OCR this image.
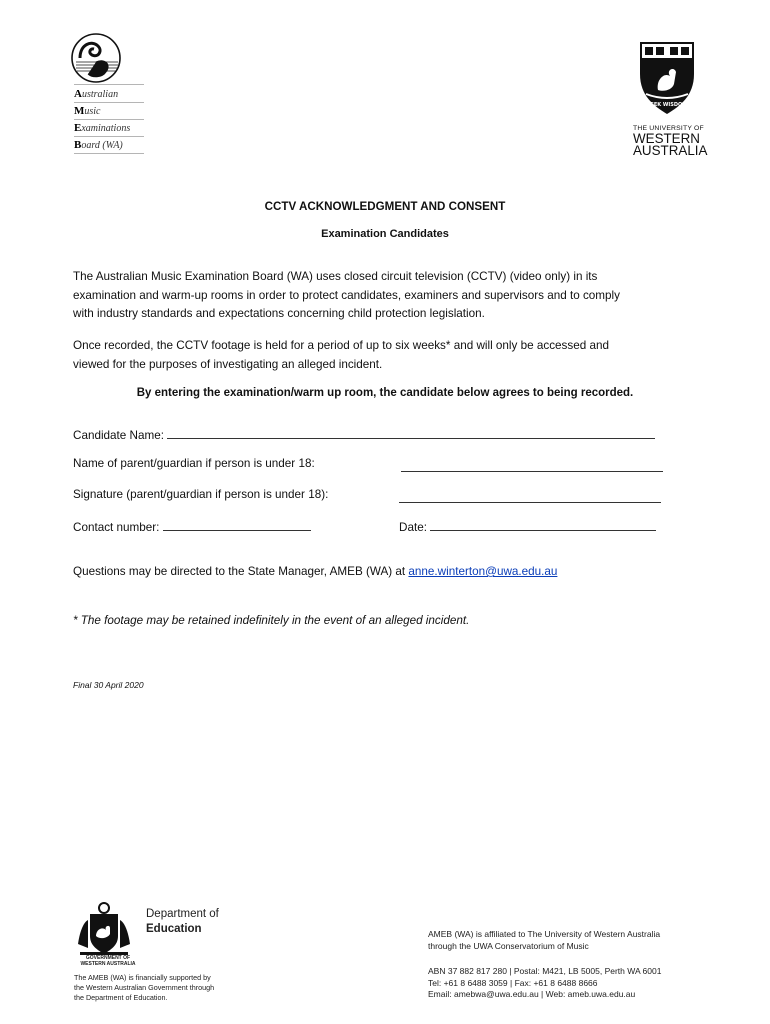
Australian
Music
Examinations
Board (WA)
SEEK WISDOM
THE UNIVERSITY OF
WESTERN
AUSTRALIA
CCTV ACKNOWLEDGMENT AND CONSENT
Examination Candidates
The Australian Music Examination Board (WA) uses closed circuit television (CCTV) (video only) in its
examination and warm-up rooms in order to protect candidates, examiners and supervisors and to comply
with industry standards and expectations concerning child protection legislation.
Once recorded, the CCTV footage is held for a period of up to six weeks* and will only be accessed and
viewed for the purposes of investigating an alleged incident.
By entering the examination/warm up room, the candidate below agrees to being recorded.
Candidate Name:
Name of parent/guardian if person is under 18:
Signature (parent/guardian if person is under 18):
Contact number:	Date:
Questions may be directed to the State Manager, AMEB (WA) at anne.winterton@uwa.edu.au
* The footage may be retained indefinitely in the event of an alleged incident.
Final 30 April 2020
Department of
Education
GOVERNMENT OF
WESTERN AUSTRALIA
The AMEB (WA) is financially supported by
the Western Australian Government through
the Department of Education.
AMEB (WA) is affiliated to The University of Western Australia
through the UWA Conservatorium of Music
ABN 37 882 817 280 | Postal: M421, LB 5005, Perth WA 6001
Tel: +61 8 6488 3059 | Fax: +61 8 6488 8666
Email: amebwa@uwa.edu.au | Web: ameb.uwa.edu.au
